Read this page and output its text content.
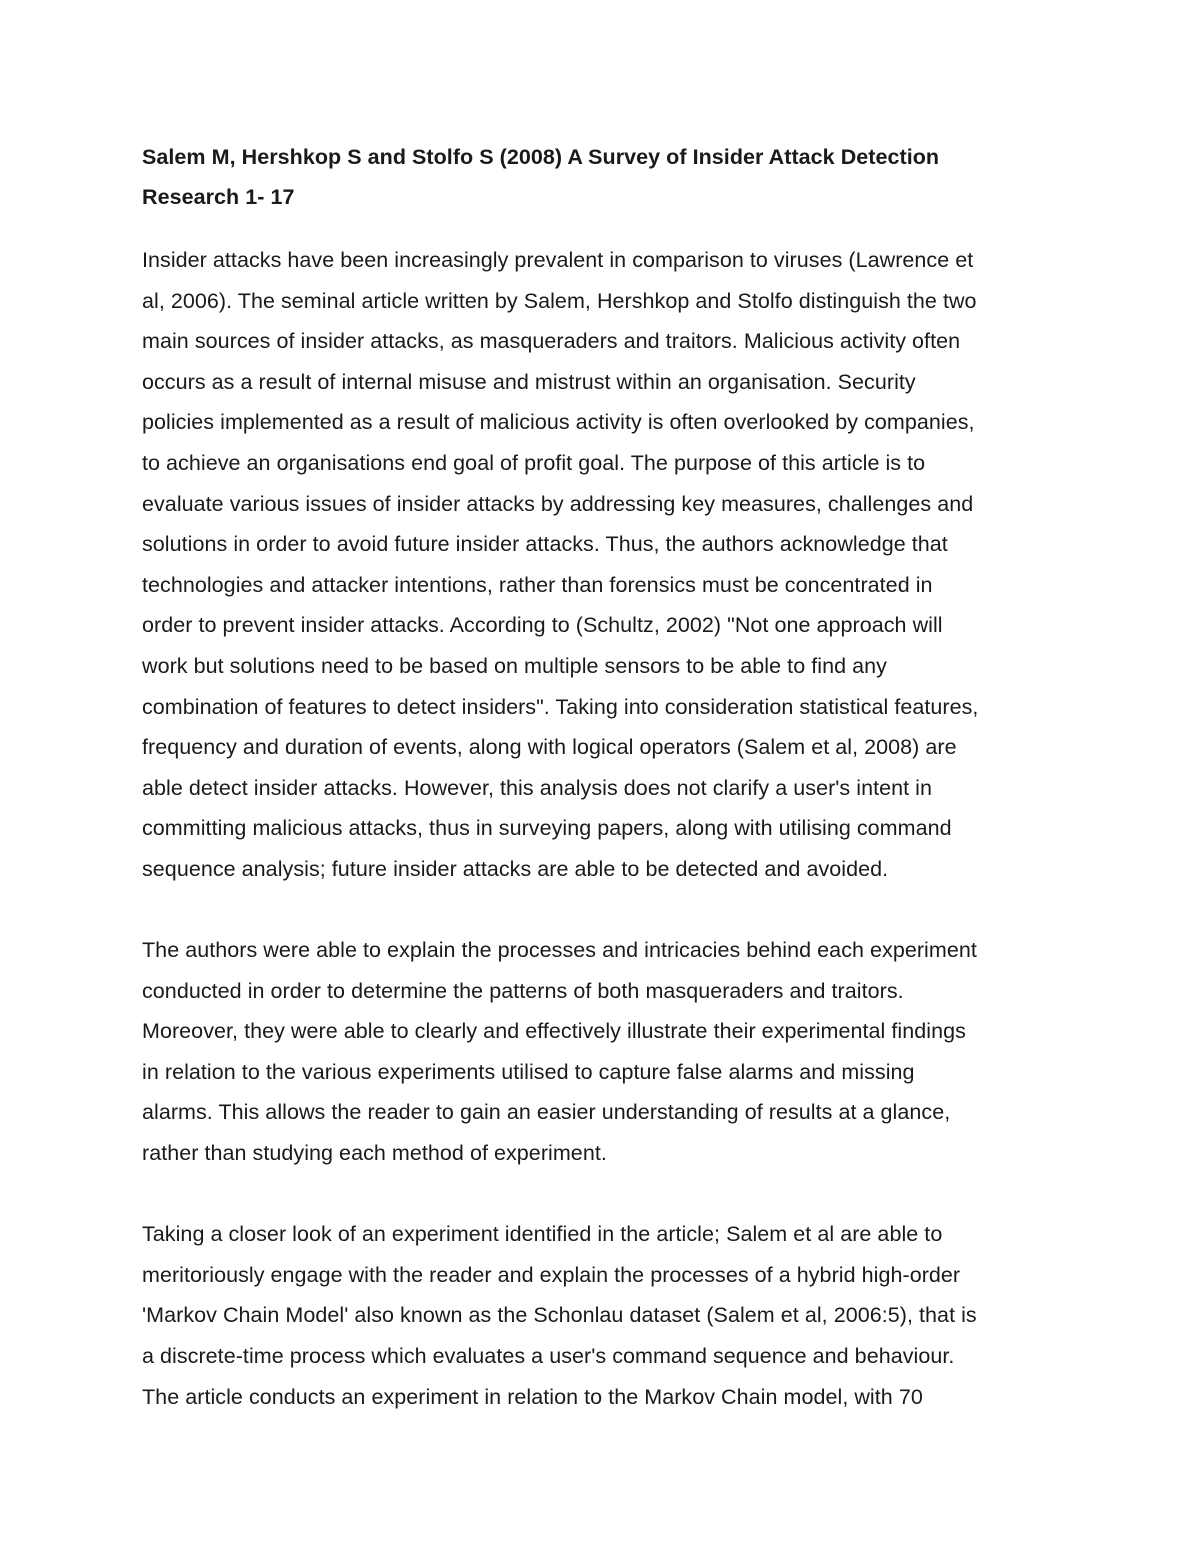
Salem M, Hershkop S and Stolfo S (2008) A Survey of Insider Attack Detection
Research 1- 17
Insider attacks have been increasingly prevalent in comparison to viruses (Lawrence et
al, 2006). The seminal article written by Salem, Hershkop and Stolfo distinguish the two
main sources of insider attacks, as masqueraders and traitors. Malicious activity often
occurs as a result of internal misuse and mistrust within an organisation. Security
policies implemented as a result of malicious activity is often overlooked by companies,
to achieve an organisations end goal of profit goal. The purpose of this article is to
evaluate various issues of insider attacks by addressing key measures, challenges and
solutions in order to avoid future insider attacks. Thus, the authors acknowledge that
technologies and attacker intentions, rather than forensics must be concentrated in
order to prevent insider attacks. According to (Schultz, 2002) "Not one approach will
work but solutions need to be based on multiple sensors to be able to find any
combination of features to detect insiders". Taking into consideration statistical features,
frequency and duration of events, along with logical operators (Salem et al, 2008) are
able detect insider attacks. However, this analysis does not clarify a user's intent in
committing malicious attacks, thus in surveying papers, along with utilising command
sequence analysis; future insider attacks are able to be detected and avoided.
The authors were able to explain the processes and intricacies behind each experiment
conducted in order to determine the patterns of both masqueraders and traitors.
Moreover, they were able to clearly and effectively illustrate their experimental findings
in relation to the various experiments utilised to capture false alarms and missing
alarms. This allows the reader to gain an easier understanding of results at a glance,
rather than studying each method of experiment.
Taking a closer look of an experiment identified in the article; Salem et al are able to
meritoriously engage with the reader and explain the processes of a hybrid high-order
'Markov Chain Model' also known as the Schonlau dataset (Salem et al, 2006:5), that is
a discrete-time process which evaluates a user's command sequence and behaviour.
The article conducts an experiment in relation to the Markov Chain model, with 70
